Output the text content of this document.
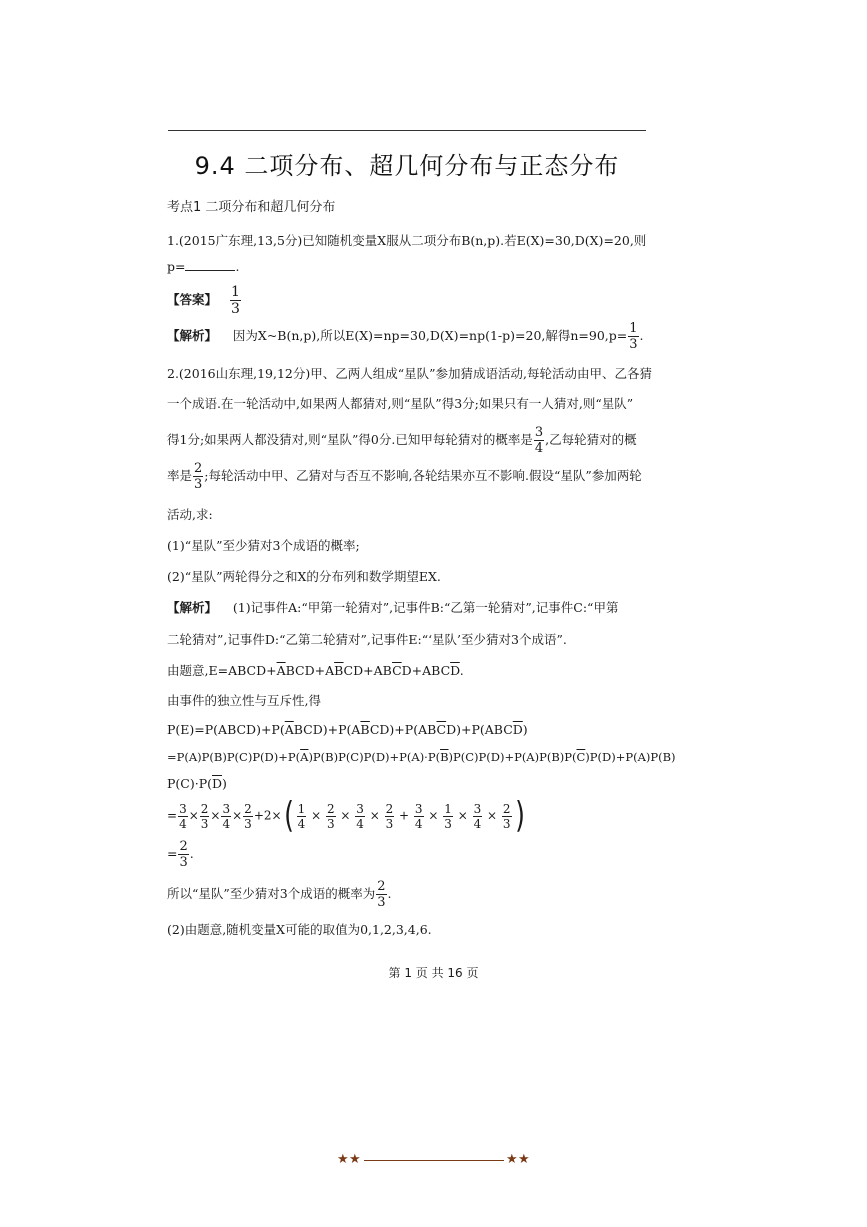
9.4 二项分布、超几何分布与正态分布
考点1 二项分布和超几何分布
1.(2015广东理,13,5分)已知随机变量X服从二项分布B(n,p).若E(X)=30,D(X)=20,则
p=	.
【答案】 $\frac{1}{3}$
【解析】 因为X~B(n,p),所以E(X)=np=30,D(X)=np(1-p)=20,解得$n=90,p= \frac{1}{3}$ .
2.(2016山东理,19,12分)甲、乙两人组成“星队”参加猜成语活动,每轮活动由甲、乙各猜
一个成语.在一轮活动中,如果两人都猜对,则“星队”得3分;如果只有一人猜对,则“星队”
得1分;如果两人都没猜对,则“星队”得0分.已知甲每轮猜对的概率是 $\frac{3}{4}$ ,乙每轮猜对的概
率是 $\frac{2}{3}$ ;每轮活动中甲、乙猜对与否互不影响,各轮结果亦互不影响.假设“星队”参加两轮
活动,求:
(1)“星队”至少猜对3个成语的概率;
(2)“星队”两轮得分之和X的分布列和数学期望EX.
【解析】 (1)记事件A:“甲第一轮猜对”,记事件B:“乙第一轮猜对”,记事件C:“甲第
二轮猜对”,记事件D:“乙第二轮猜对”,记事件E:“‘星队’至少猜对3个成语”.
由题意$,E=ABCD+\overline{A}BCD+A\overline{B}CD+AB\overline{C}D+ABC\overline{D}$.
由事件的独立性与互斥性,得
$P(E)=P(ABCD)+P(\overline{A}BCD)+P(A\overline{B}CD)+P(AB\overline{C}D)+P(ABC\overline{D})$
$=P(A)P(B)P(C)P(D)+P(\overline{A})P(B)P(C)P(D)+P(A)\cdot P(\overline{B})P(C)P(D)+P(A)P(B)P(\overline{C})P(D)+P(A)P(B)$
$P(C)\cdot P(\overline{D})$
= $\frac{3}{4} \times \frac{2}{3} \times \frac{3}{4} \times \frac{2}{3} +2\times( \frac{1}{4} \times \frac{2}{3} \times \frac{3}{4} \times \frac{2}{3} + \frac{3}{4} \times \frac{1}{3} \times \frac{3}{4} \times \frac{2}{3}$ )
= $\frac{2}{3}$ .
所以“星队”至少猜对3个成语的概率为 $\frac{2}{3}$ .
(2)由题意,随机变量X可能的取值为0,1,2,3,4,6.
第 1 页 共 16 页
★ ★	★ ★
